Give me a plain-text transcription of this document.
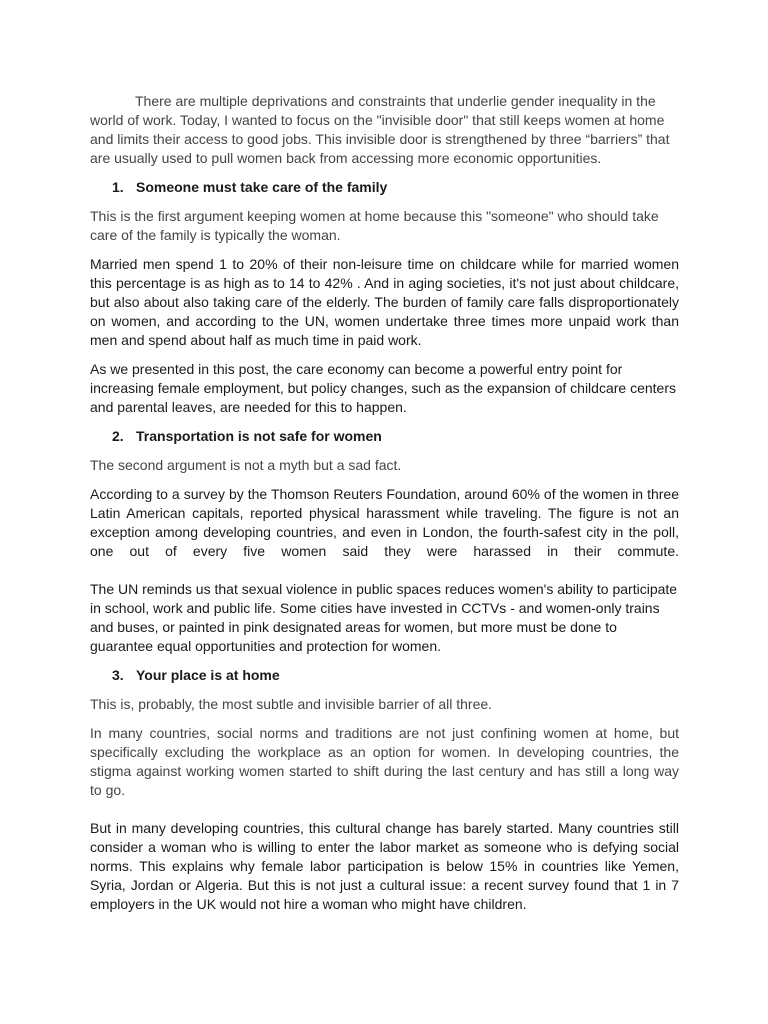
There are multiple deprivations and constraints that underlie gender inequality in the world of work. Today, I wanted to focus on the "invisible door" that still keeps women at home and limits their access to good jobs. This invisible door is strengthened by three “barriers” that are usually used to pull women back from accessing more economic opportunities.

1. Someone must take care of the family

This is the first argument keeping women at home because this "someone" who should take care of the family is typically the woman.

Married men spend 1 to 20% of their non-leisure time on childcare while for married women this percentage is as high as to 14 to 42% . And in aging societies, it's not just about childcare, but also about also taking care of the elderly. The burden of family care falls disproportionately on women, and according to the UN, women undertake three times more unpaid work than men and spend about half as much time in paid work.

As we presented in this post, the care economy can become a powerful entry point for increasing female employment, but policy changes, such as the expansion of childcare centers and parental leaves, are needed for this to happen.

2. Transportation is not safe for women

The second argument is not a myth but a sad fact.

According to a survey by the Thomson Reuters Foundation, around 60% of the women in three Latin American capitals, reported physical harassment while traveling. The figure is not an exception among developing countries, and even in London, the fourth-safest city in the poll, one out of every five women said they were harassed in their commute.

The UN reminds us that sexual violence in public spaces reduces women's ability to participate in school, work and public life. Some cities have invested in CCTVs - and women-only trains and buses, or painted in pink designated areas for women, but more must be done to guarantee equal opportunities and protection for women.

3. Your place is at home

This is, probably, the most subtle and invisible barrier of all three.

In many countries, social norms and traditions are not just confining women at home, but specifically excluding the workplace as an option for women. In developing countries, the stigma against working women started to shift during the last century and has still a long way to go.

But in many developing countries, this cultural change has barely started. Many countries still consider a woman who is willing to enter the labor market as someone who is defying social norms. This explains why female labor participation is below 15% in countries like Yemen, Syria, Jordan or Algeria. But this is not just a cultural issue: a recent survey found that 1 in 7 employers in the UK would not hire a woman who might have children.
